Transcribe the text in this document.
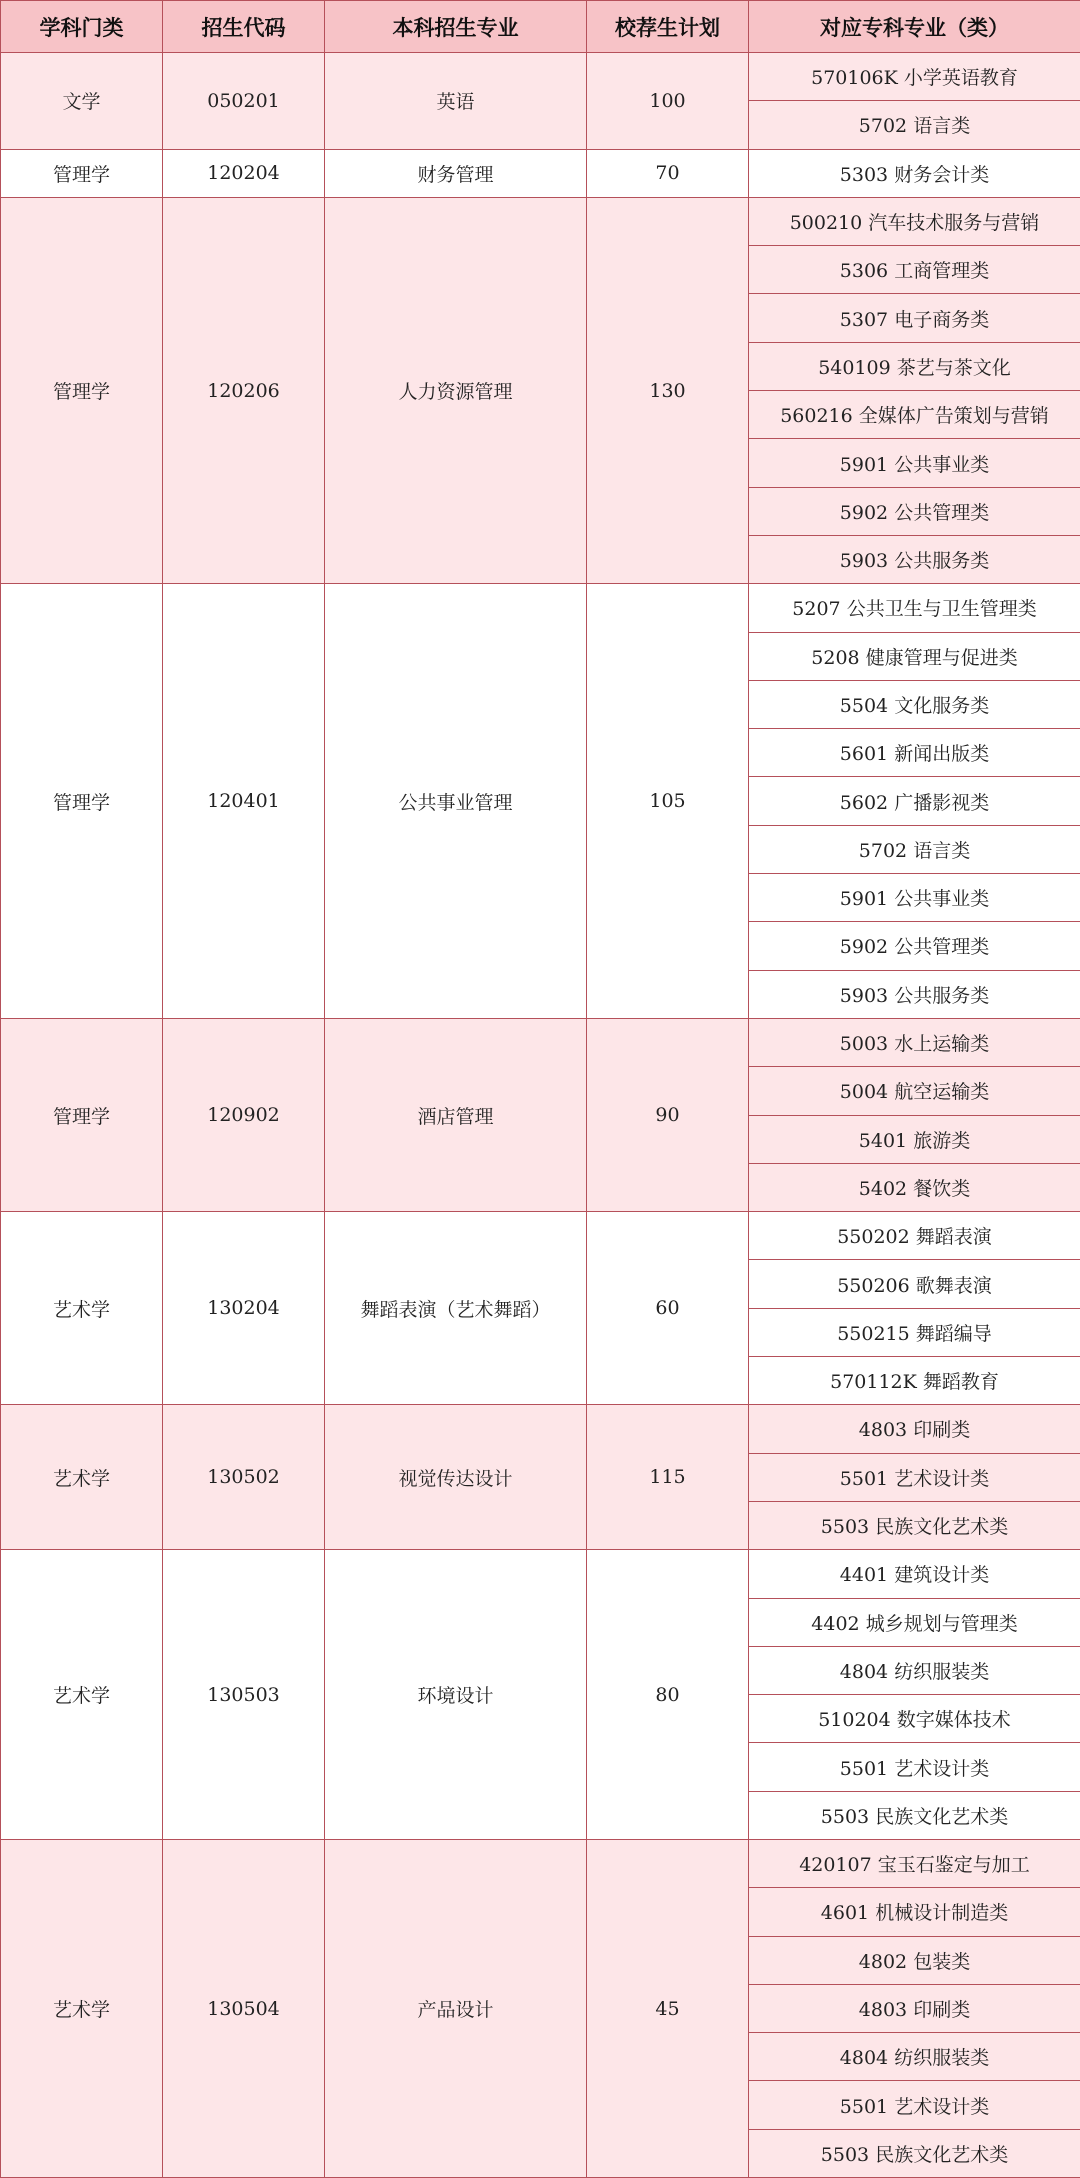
学科门类	招生代码	本科招生专业	校荐生计划	对应专科专业（类）
文学	050201	英语	100	570106K 小学英语教育
				5702 语言类
管理学	120204	财务管理	70	5303 财务会计类
管理学	120206	人力资源管理	130	500210 汽车技术服务与营销
				5306 工商管理类
				5307 电子商务类
				540109 茶艺与茶文化
				560216 全媒体广告策划与营销
				5901 公共事业类
				5902 公共管理类
				5903 公共服务类
管理学	120401	公共事业管理	105	5207 公共卫生与卫生管理类
				5208 健康管理与促进类
				5504 文化服务类
				5601 新闻出版类
				5602 广播影视类
				5702 语言类
				5901 公共事业类
				5902 公共管理类
				5903 公共服务类
管理学	120902	酒店管理	90	5003 水上运输类
				5004 航空运输类
				5401 旅游类
				5402 餐饮类
艺术学	130204	舞蹈表演（艺术舞蹈）	60	550202 舞蹈表演
				550206 歌舞表演
				550215 舞蹈编导
				570112K 舞蹈教育
艺术学	130502	视觉传达设计	115	4803 印刷类
				5501 艺术设计类
				5503 民族文化艺术类
艺术学	130503	环境设计	80	4401 建筑设计类
				4402 城乡规划与管理类
				4804 纺织服装类
				510204 数字媒体技术
				5501 艺术设计类
				5503 民族文化艺术类
艺术学	130504	产品设计	45	420107 宝玉石鉴定与加工
				4601 机械设计制造类
				4802 包装类
				4803 印刷类
				4804 纺织服装类
				5501 艺术设计类
				5503 民族文化艺术类
